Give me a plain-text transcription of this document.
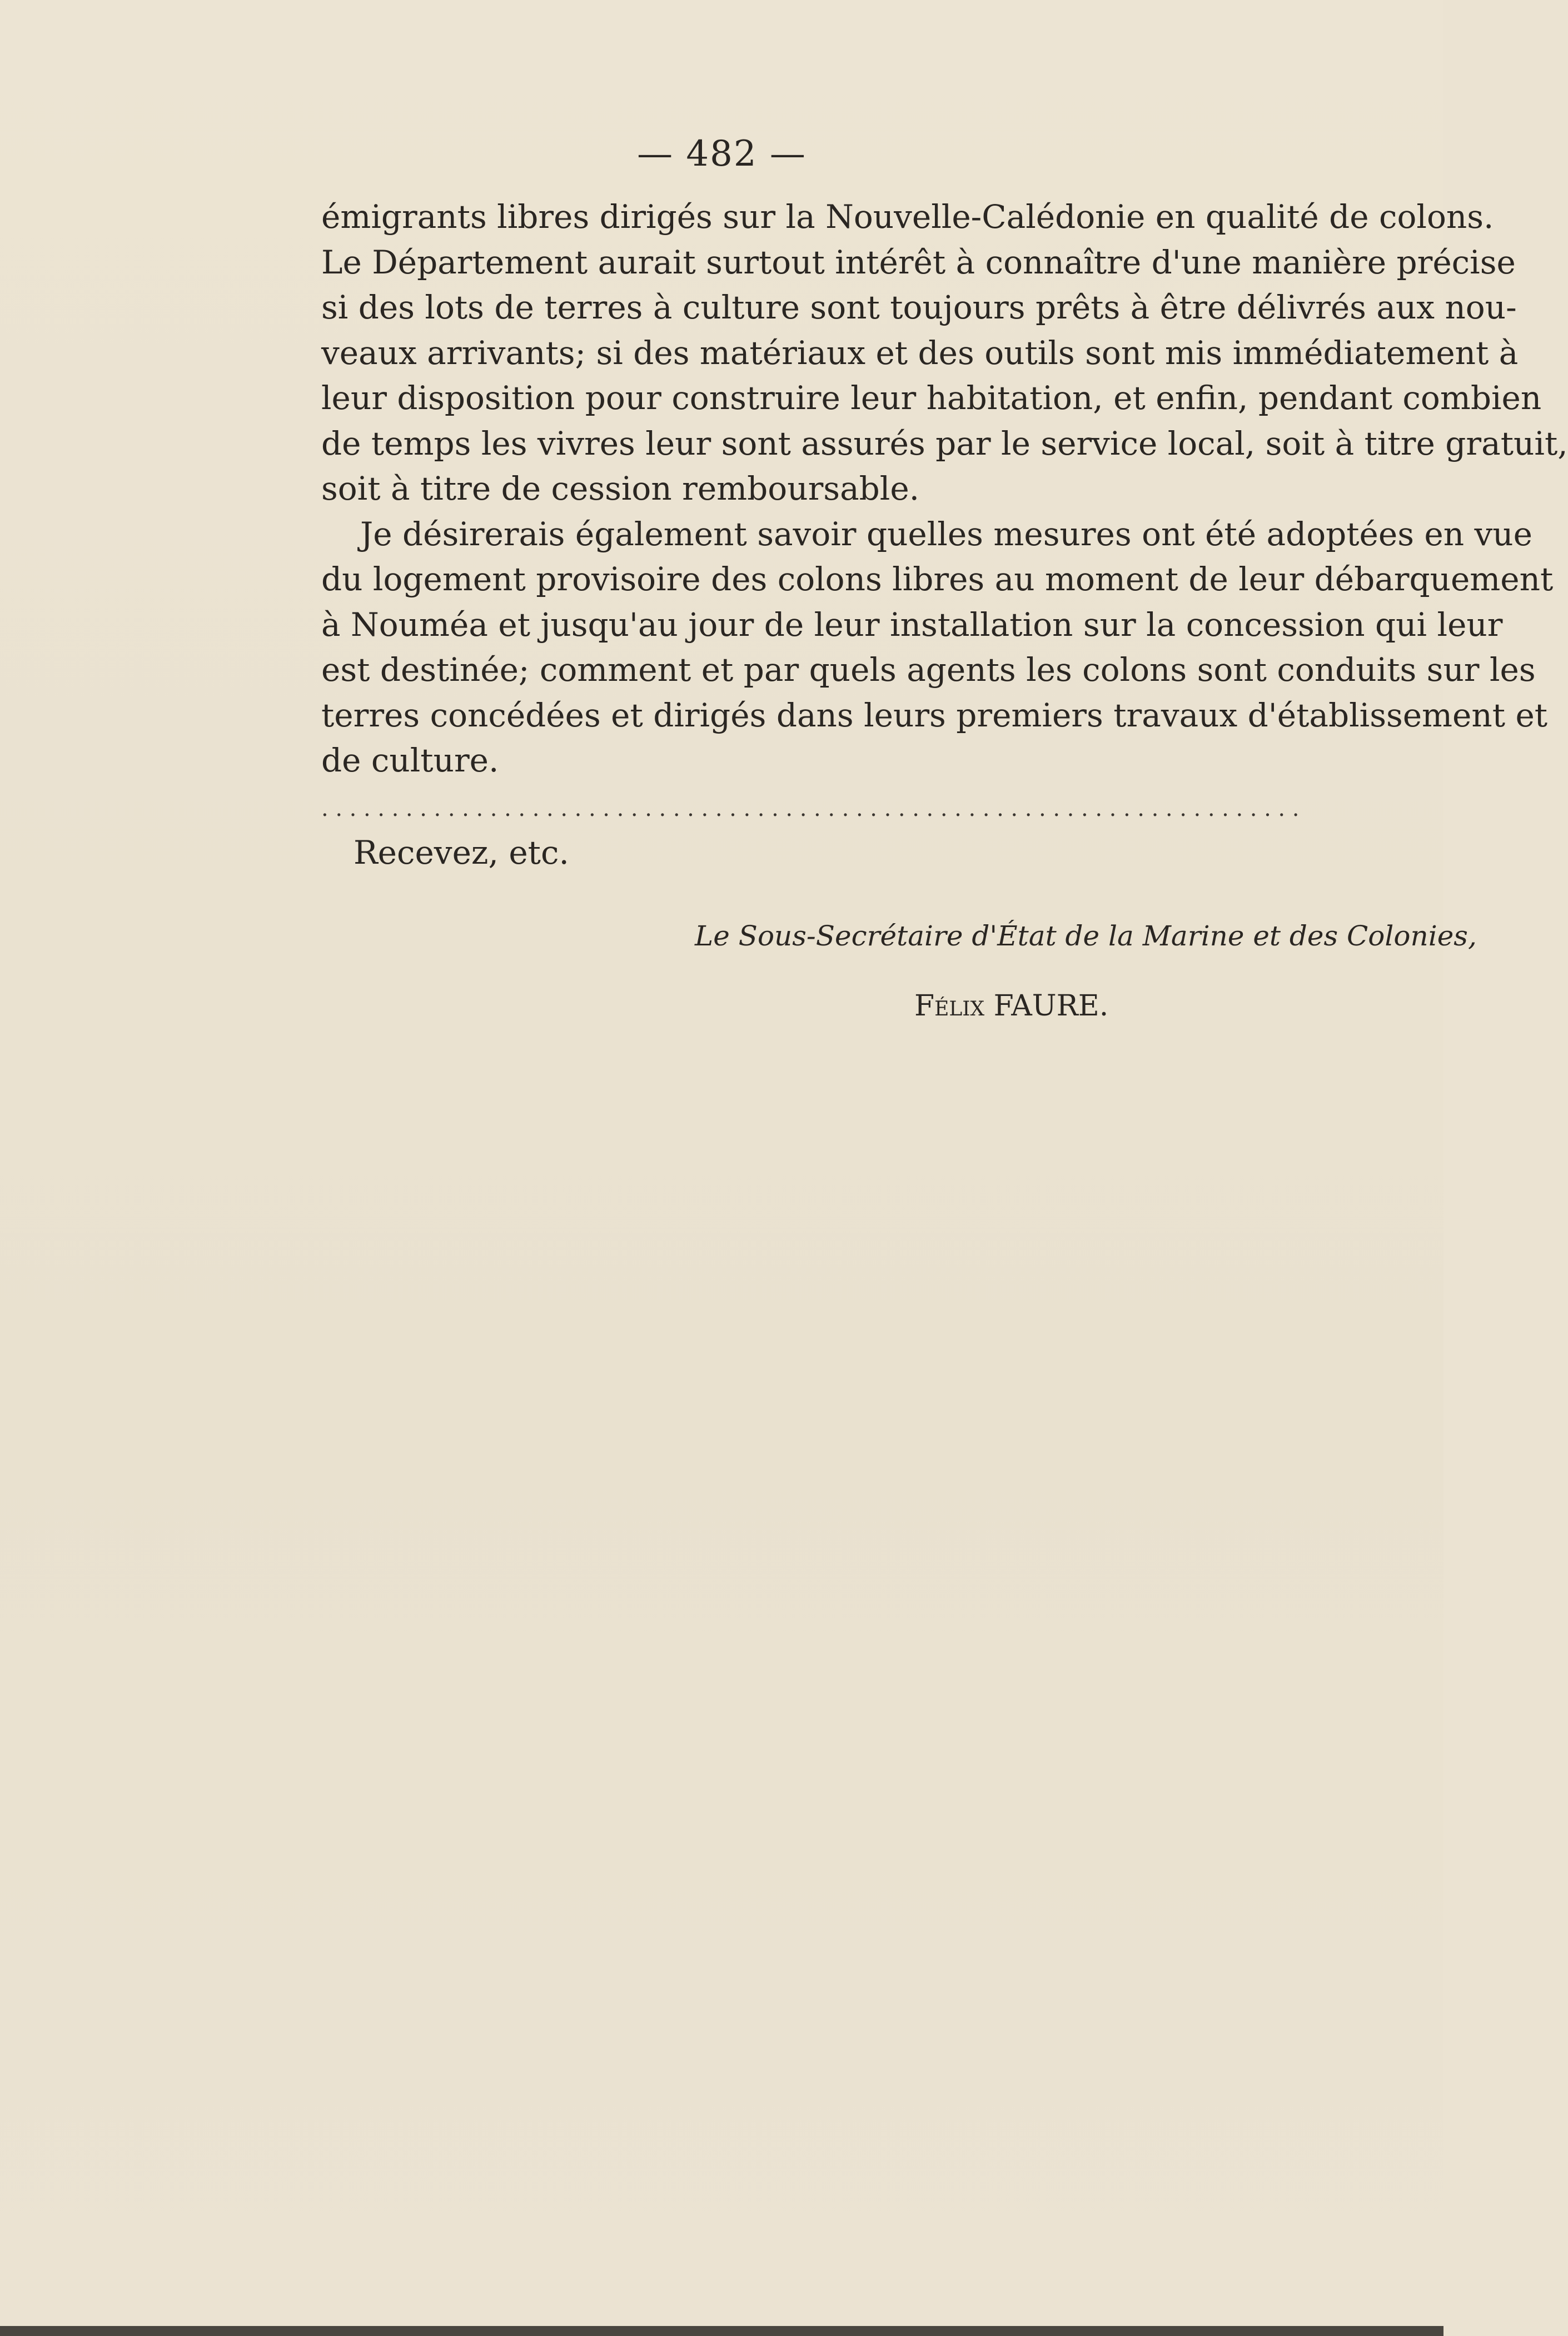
— 482 —

émigrants libres dirigés sur la Nouvelle-Calédonie en qualité de colons.
Le Département aurait surtout intérêt à connaître d'une manière précise
si des lots de terres à culture sont toujours prêts à être délivrés aux nou-
veaux arrivants; si des matériaux et des outils sont mis immédiatement à
leur disposition pour construire leur habitation, et enfin, pendant combien
de temps les vivres leur sont assurés par le service local, soit à titre gratuit,
soit à titre de cession remboursable.

Je désirerais également savoir quelles mesures ont été adoptées en vue
du logement provisoire des colons libres au moment de leur débarquement
à Nouméa et jusqu'au jour de leur installation sur la concession qui leur
est destinée; comment et par quels agents les colons sont conduits sur les
terres concédées et dirigés dans leurs premiers travaux d'établissement et
de culture.

......................................................................
Recevez, etc.
Le Sous-Secrétaire d'État de la Marine et des Colonies,
Félix FAURE.
